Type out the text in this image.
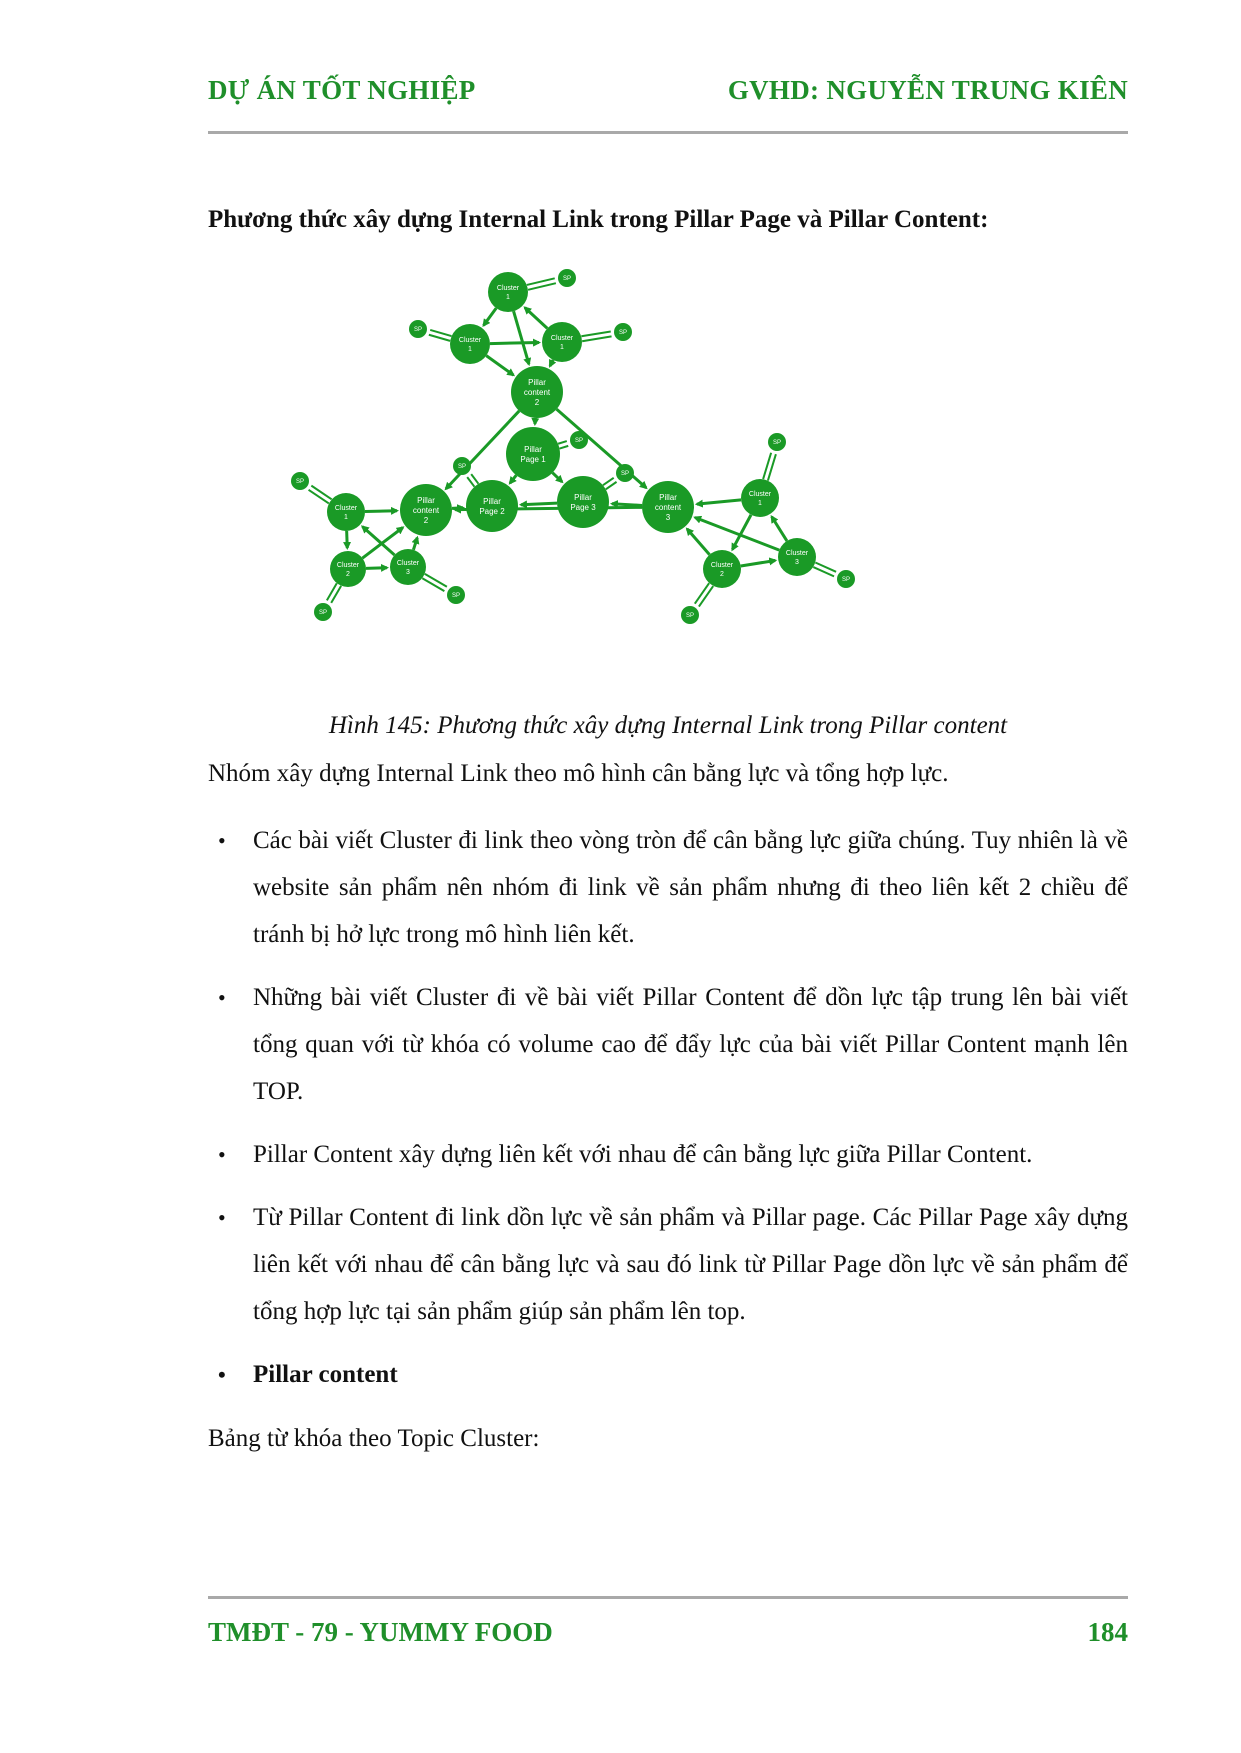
DỰ ÁN TỐT NGHIỆP	GVHD: NGUYỄN TRUNG KIÊN
Phương thức xây dựng Internal Link trong Pillar Page và Pillar Content:
Cluster
1
Cluster
1
Cluster
1
Pillar
content
2
Pillar
Page 1
Pillar
Page 2
Pillar
Page 3
Pillar
content
2
Pillar
content
3
Cluster
1
Cluster
2
Cluster
3
Cluster
1
Cluster
2
Cluster
3
SP
SP	SP
SP
SP
SP
SP
SP
SP
SP
SP
SP
Hình 145: Phương thức xây dựng Internal Link trong Pillar content
Nhóm xây dựng Internal Link theo mô hình cân bằng lực và tổng hợp lực.
• Các bài viết Cluster đi link theo vòng tròn để cân bằng lực giữa chúng. Tuy nhiên là về website sản phẩm nên nhóm đi link về sản phẩm nhưng đi theo liên kết 2 chiều để tránh bị hở lực trong mô hình liên kết.
• Những bài viết Cluster đi về bài viết Pillar Content để dồn lực tập trung lên bài viết tổng quan với từ khóa có volume cao để đẩy lực của bài viết Pillar Content mạnh lên TOP.
• Pillar Content xây dựng liên kết với nhau để cân bằng lực giữa Pillar Content.
• Từ Pillar Content đi link dồn lực về sản phẩm và Pillar page. Các Pillar Page xây dựng liên kết với nhau để cân bằng lực và sau đó link từ Pillar Page dồn lực về sản phẩm để tổng hợp lực tại sản phẩm giúp sản phẩm lên top.
• Pillar content
Bảng từ khóa theo Topic Cluster:
TMĐT - 79 - YUMMY FOOD	184
